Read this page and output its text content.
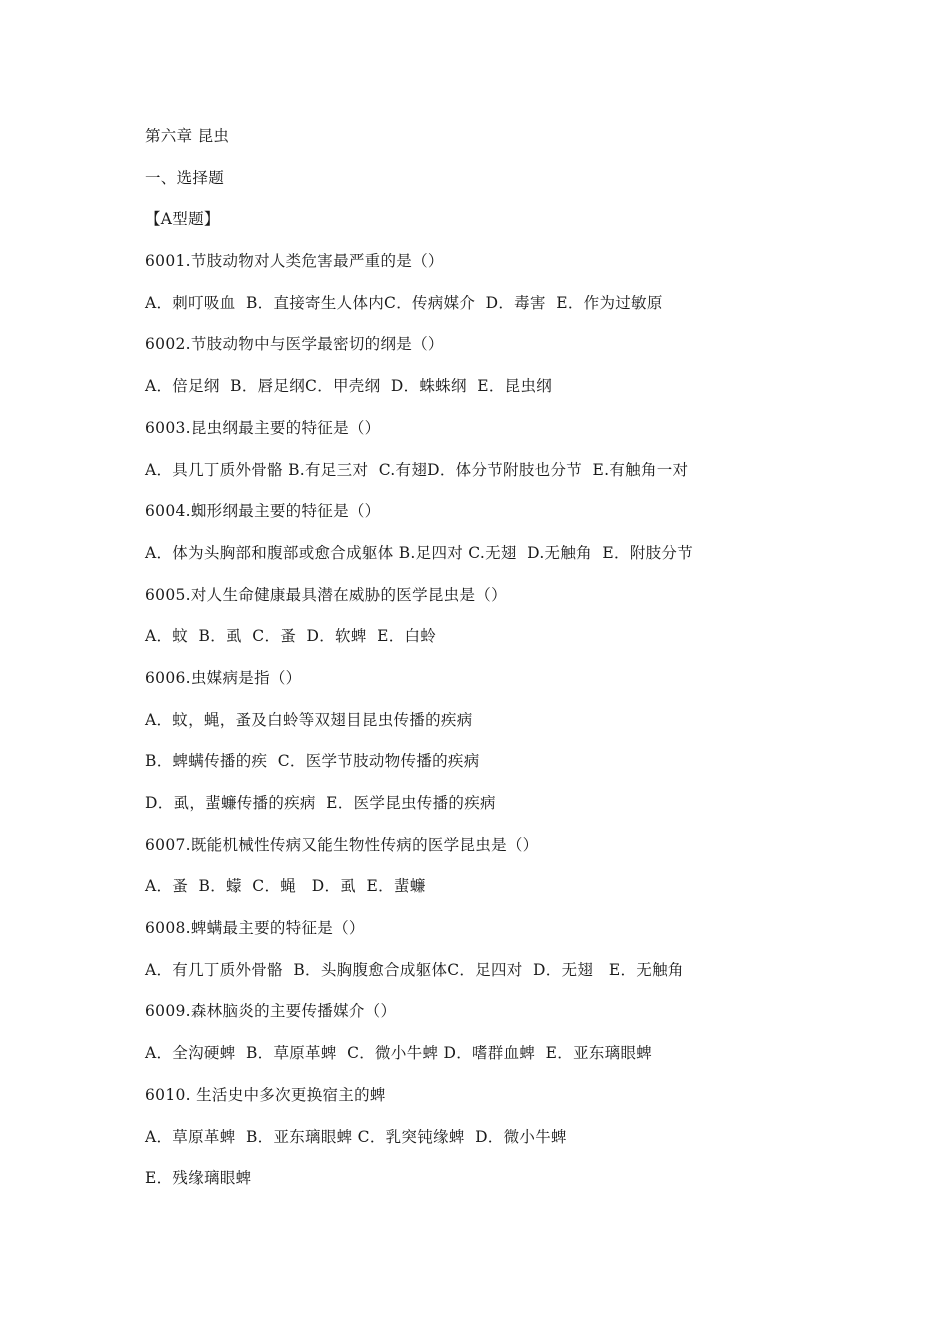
第六章 昆虫
一、选择题
【A型题】
6001.节肢动物对人类危害最严重的是（）
A．刺叮吸血  B．直接寄生人体内C．传病媒介  D．毒害  E．作为过敏原
6002.节肢动物中与医学最密切的纲是（）
A．倍足纲  B．唇足纲C．甲壳纲  D．蛛蛛纲  E．昆虫纲
6003.昆虫纲最主要的特征是（）
A．具几丁质外骨骼 B.有足三对  C.有翅D．体分节附肢也分节  E.有触角一对
6004.蜘形纲最主要的特征是（）
A．体为头胸部和腹部或愈合成躯体 B.足四对 C.无翅  D.无触角  E．附肢分节
6005.对人生命健康最具潜在威胁的医学昆虫是（）
A．蚊  B．虱  C．蚤  D．软蜱  E．白蛉
6006.虫媒病是指（）
A．蚊，蝇，蚤及白蛉等双翅目昆虫传播的疾病
B．蜱螨传播的疾  C．医学节肢动物传播的疾病
D．虱，蜚蠊传播的疾病  E．医学昆虫传播的疾病
6007.既能机械性传病又能生物性传病的医学昆虫是（）
A．蚤  B．蠓  C．蝇   D．虱  E．蜚蠊
6008.蜱螨最主要的特征是（）
A．有几丁质外骨骼  B．头胸腹愈合成躯体C．足四对  D．无翅   E．无触角
6009.森林脑炎的主要传播媒介（）
A．全沟硬蜱  B．草原革蜱  C．微小牛蜱 D．嗜群血蜱  E．亚东璃眼蜱
6010. 生活史中多次更换宿主的蜱
A．草原革蜱  B．亚东璃眼蜱 C．乳突钝缘蜱  D．微小牛蜱
E．残缘璃眼蜱
